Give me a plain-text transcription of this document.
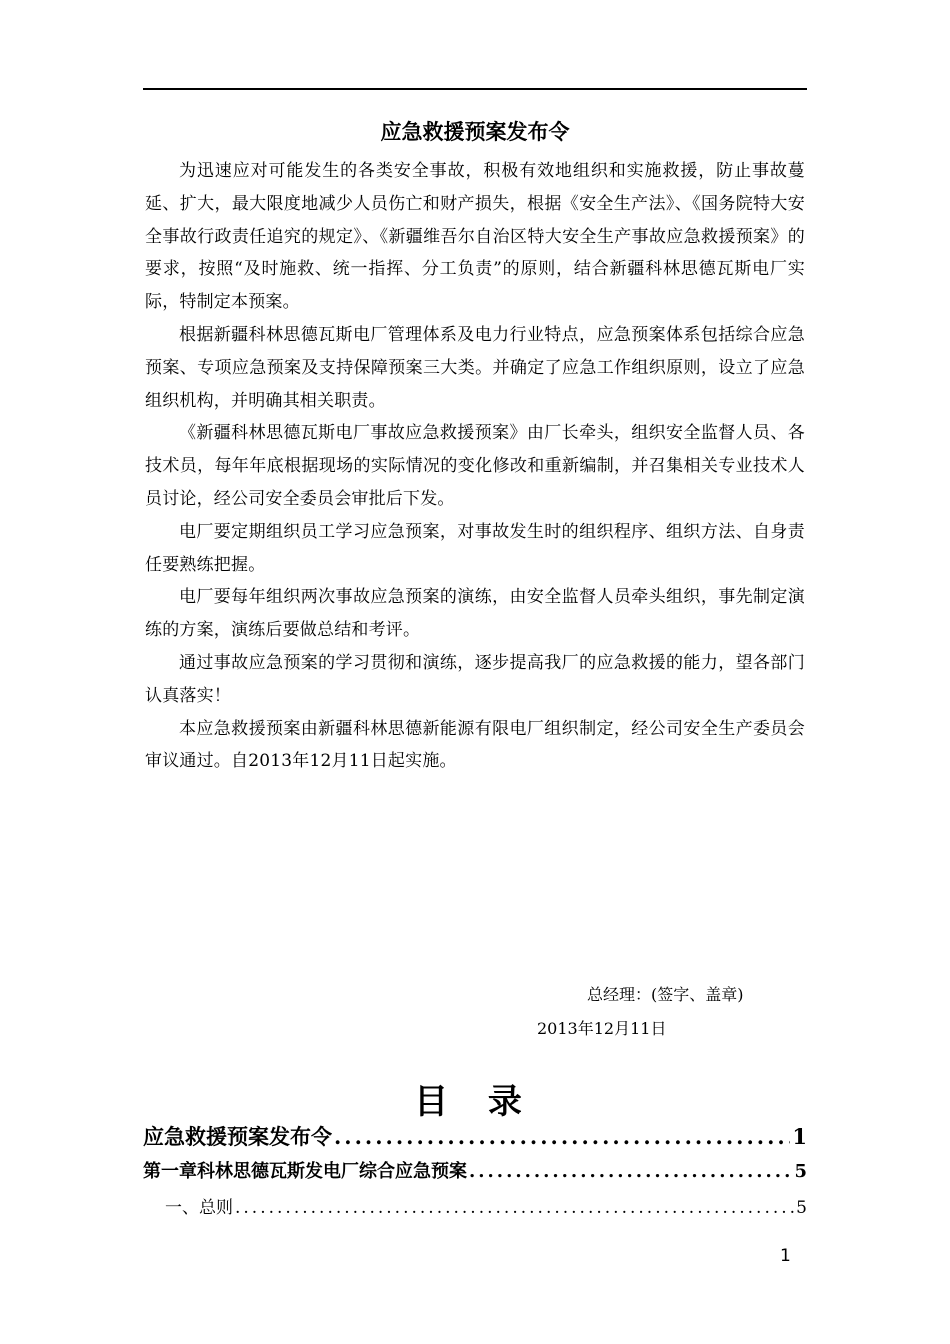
应急救援预案发布令

为迅速应对可能发生的各类安全事故，积极有效地组织和实施救援，防止事故蔓延、扩大，最大限度地减少人员伤亡和财产损失，根据《安全生产法》、《国务院特大安全事故行政责任追究的规定》、《新疆维吾尔自治区特大安全生产事故应急救援预案》的要求，按照“及时施救、统一指挥、分工负责”的原则，结合新疆科林思德瓦斯电厂实际，特制定本预案。

根据新疆科林思德瓦斯电厂管理体系及电力行业特点，应急预案体系包括综合应急预案、专项应急预案及支持保障预案三大类。并确定了应急工作组织原则，设立了应急组织机构，并明确其相关职责。

《新疆科林思德瓦斯电厂事故应急救援预案》由厂长牵头，组织安全监督人员、各技术员，每年年底根据现场的实际情况的变化修改和重新编制，并召集相关专业技术人员讨论，经公司安全委员会审批后下发。

电厂要定期组织员工学习应急预案，对事故发生时的组织程序、组织方法、自身责任要熟练把握。

电厂要每年组织两次事故应急预案的演练，由安全监督人员牵头组织，事先制定演练的方案，演练后要做总结和考评。

通过事故应急预案的学习贯彻和演练，逐步提高我厂的应急救援的能力，望各部门认真落实！

本应急救援预案由新疆科林思德新能源有限电厂组织制定，经公司安全生产委员会审议通过。自2013年12月11日起实施。

总经理：(签字、盖章)
2013年12月11日
目 录
应急救援预案发布令 .....	1
第一章科林思德瓦斯发电厂综合应急预案 .....	5
一、总则 .....	5
1
